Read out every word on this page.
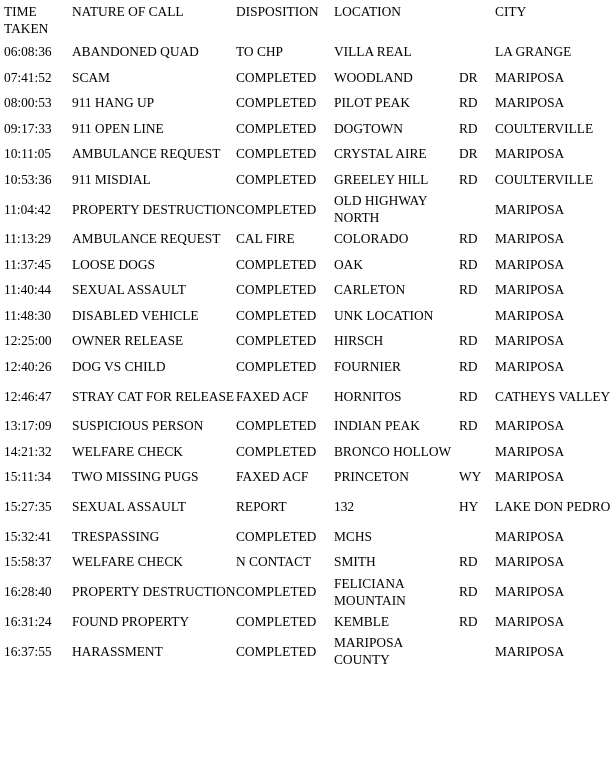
TIME TAKEN	NATURE OF CALL	DISPOSITION	LOCATION		CITY
06:08:36	ABANDONED QUAD	TO CHP	VILLA REAL		LA GRANGE
07:41:52	SCAM	COMPLETED	WOODLAND	DR	MARIPOSA
08:00:53	911 HANG UP	COMPLETED	PILOT PEAK	RD	MARIPOSA
09:17:33	911 OPEN LINE	COMPLETED	DOGTOWN	RD	COULTERVILLE
10:11:05	AMBULANCE REQUEST	COMPLETED	CRYSTAL AIRE	DR	MARIPOSA
10:53:36	911 MISDIAL	COMPLETED	GREELEY HILL	RD	COULTERVILLE
11:04:42	PROPERTY DESTRUCTION	COMPLETED	OLD HIGHWAY NORTH		MARIPOSA
11:13:29	AMBULANCE REQUEST	CAL FIRE	COLORADO	RD	MARIPOSA
11:37:45	LOOSE DOGS	COMPLETED	OAK	RD	MARIPOSA
11:40:44	SEXUAL ASSAULT	COMPLETED	CARLETON	RD	MARIPOSA
11:48:30	DISABLED VEHICLE	COMPLETED	UNK LOCATION		MARIPOSA
12:25:00	OWNER RELEASE	COMPLETED	HIRSCH	RD	MARIPOSA
12:40:26	DOG VS CHILD	COMPLETED	FOURNIER	RD	MARIPOSA
12:46:47	STRAY CAT FOR RELEASE	FAXED ACF	HORNITOS	RD	CATHEYS VALLEY
13:17:09	SUSPICIOUS PERSON	COMPLETED	INDIAN PEAK	RD	MARIPOSA
14:21:32	WELFARE CHECK	COMPLETED	BRONCO HOLLOW		MARIPOSA
15:11:34	TWO MISSING PUGS	FAXED ACF	PRINCETON	WY	MARIPOSA
15:27:35	SEXUAL ASSAULT	REPORT	132	HY	LAKE DON PEDRO
15:32:41	TRESPASSING	COMPLETED	MCHS		MARIPOSA
15:58:37	WELFARE CHECK	N CONTACT	SMITH	RD	MARIPOSA
16:28:40	PROPERTY DESTRUCTION	COMPLETED	FELICIANA MOUNTAIN	RD	MARIPOSA
16:31:24	FOUND PROPERTY	COMPLETED	KEMBLE	RD	MARIPOSA
16:37:55	HARASSMENT	COMPLETED	MARIPOSA COUNTY		MARIPOSA
